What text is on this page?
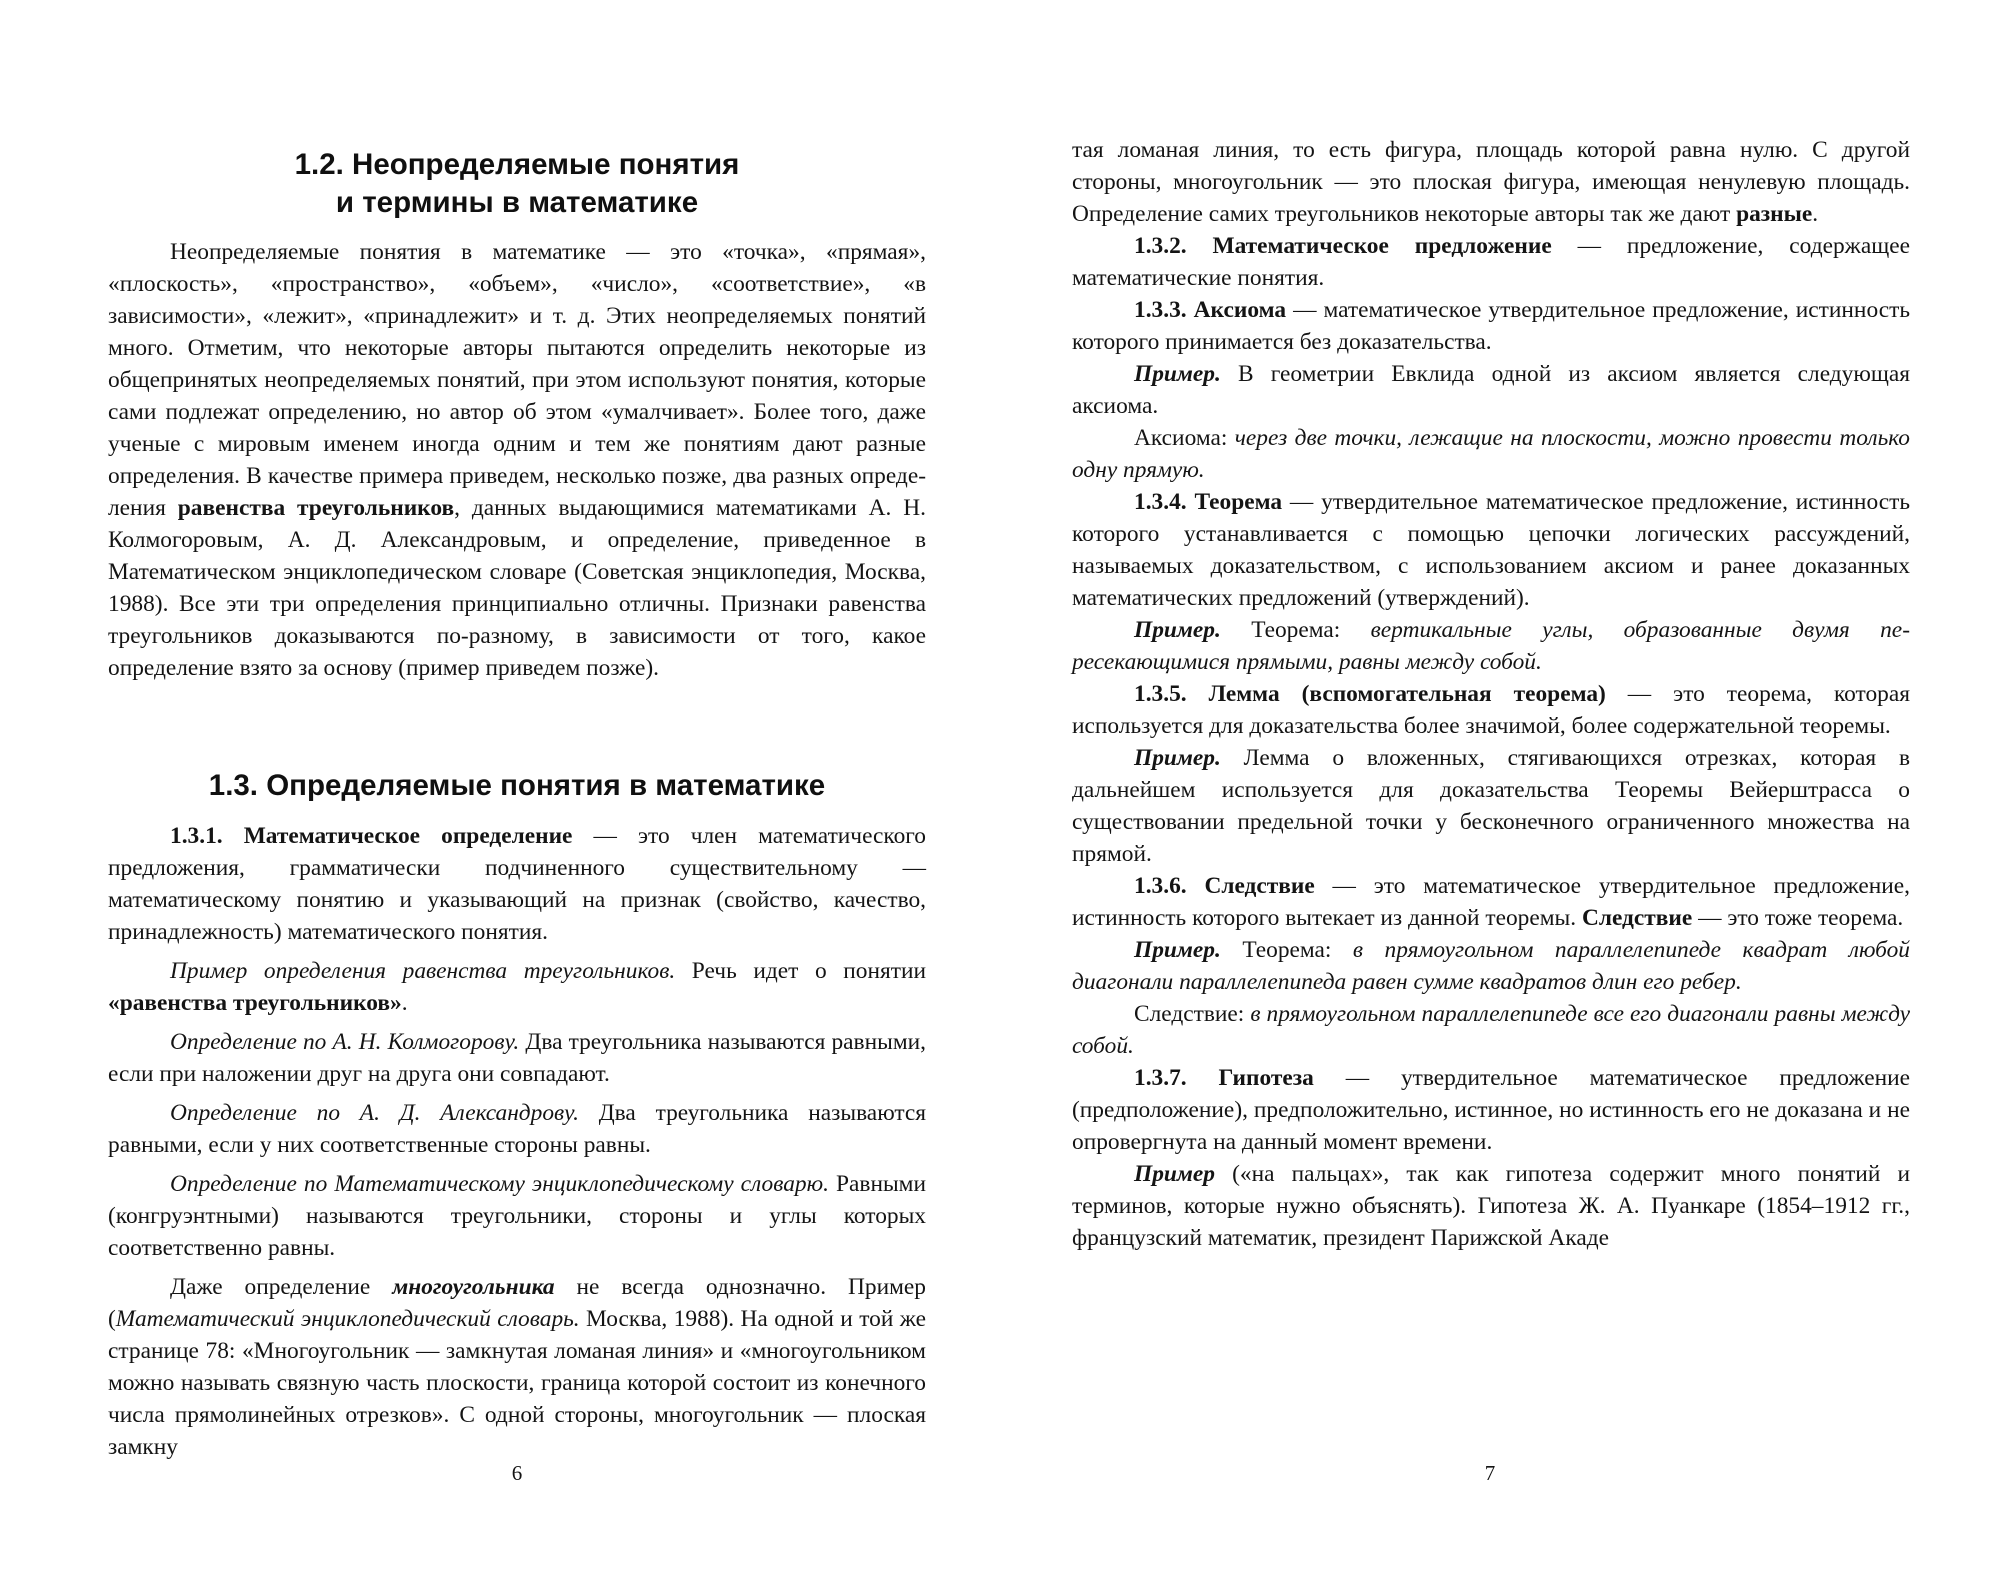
1.2. Неопределяемые понятия
и термины в математике

Неопределяемые понятия в математике — это «точка», «прямая», «плоскость», «пространство», «объем», «число», «соответствие», «в зависимости», «лежит», «принадлежит» и т. д. Этих неопределяемых понятий много. Отметим, что некоторые авторы пытаются определить некоторые из общепринятых неопределяемых понятий, при этом используют понятия, которые сами подлежат определению, но автор об этом «умалчивает». Более того, даже ученые с мировым именем иногда одним и тем же понятиям дают разные определения. В качестве примера приведем, несколько позже, два разных определения равенства треугольников, данных выдающимися математиками А. Н. Колмогоровым, А. Д. Александровым, и определение, приведенное в Математическом энциклопедическом словаре (Советская энциклопедия, Москва, 1988). Все эти три определения принципиально отличны. Признаки равенства треугольников доказываются по-разному, в зависимости от того, какое определение взято за основу (пример приведем позже).

1.3. Определяемые понятия в математике

1.3.1. Математическое определение — это член математического предложения, грамматически подчиненного существительному — математическому понятию и указывающий на признак (свойство, качество, принадлежность) математического понятия.

Пример определения равенства треугольников. Речь идет о понятии «равенства треугольников».

Определение по А. Н. Колмогорову. Два треугольника называются равными, если при наложении друг на друга они совпадают.

Определение по А. Д. Александрову. Два треугольника называются равными, если у них соответственные стороны равны.

Определение по Математическому энциклопедическому словарю. Равными (конгруэнтными) называются треугольники, стороны и углы которых соответственно равны.

Даже определение многоугольника не всегда однозначно. Пример (Математический энциклопедический словарь. Москва, 1988). На одной и той же странице 78: «Многоугольник — замкнутая ломаная линия» и «многоугольником можно называть связную часть плоскости, граница которой состоит из конечного числа прямолинейных отрезков». С одной стороны, многоугольник — плоская замкну

6

тая ломаная линия, то есть фигура, площадь которой равна нулю. С другой стороны, многоугольник — это плоская фигура, имеющая ненулевую площадь. Определение самих треугольников некоторые авторы так же дают разные.

1.3.2. Математическое предложение — предложение, содержащее математические понятия.

1.3.3. Аксиома — математическое утвердительное предложение, истинность которого принимается без доказательства.

Пример. В геометрии Евклида одной из аксиом является следующая аксиома.

Аксиома: через две точки, лежащие на плоскости, можно провести только одну прямую.

1.3.4. Теорема — утвердительное математическое предложение, истинность которого устанавливается с помощью цепочки логических рассуждений, называемых доказательством, с использованием аксиом и ранее доказанных математических предложений (утверждений).

Пример. Теорема: вертикальные углы, образованные двумя пересекающимися прямыми, равны между собой.

1.3.5. Лемма (вспомогательная теорема) — это теорема, которая используется для доказательства более значимой, более содержательной теоремы.

Пример. Лемма о вложенных, стягивающихся отрезках, которая в дальнейшем используется для доказательства Теоремы Вейерштрасса о существовании предельной точки у бесконечного ограниченного множества на прямой.

1.3.6. Следствие — это математическое утвердительное предложение, истинность которого вытекает из данной теоремы. Следствие — это тоже теорема.

Пример. Теорема: в прямоугольном параллелепипеде квадрат любой диагонали параллелепипеда равен сумме квадратов длин его ребер.

Следствие: в прямоугольном параллелепипеде все его диагонали равны между собой.

1.3.7. Гипотеза — утвердительное математическое предложение (предположение), предположительно, истинное, но истинность его не доказана и не опровергнута на данный момент времени.

Пример («на пальцах», так как гипотеза содержит много понятий и терминов, которые нужно объяснять). Гипотеза Ж. А. Пуанкаре (1854–1912 гг., французский математик, президент Парижской Акаде

7
